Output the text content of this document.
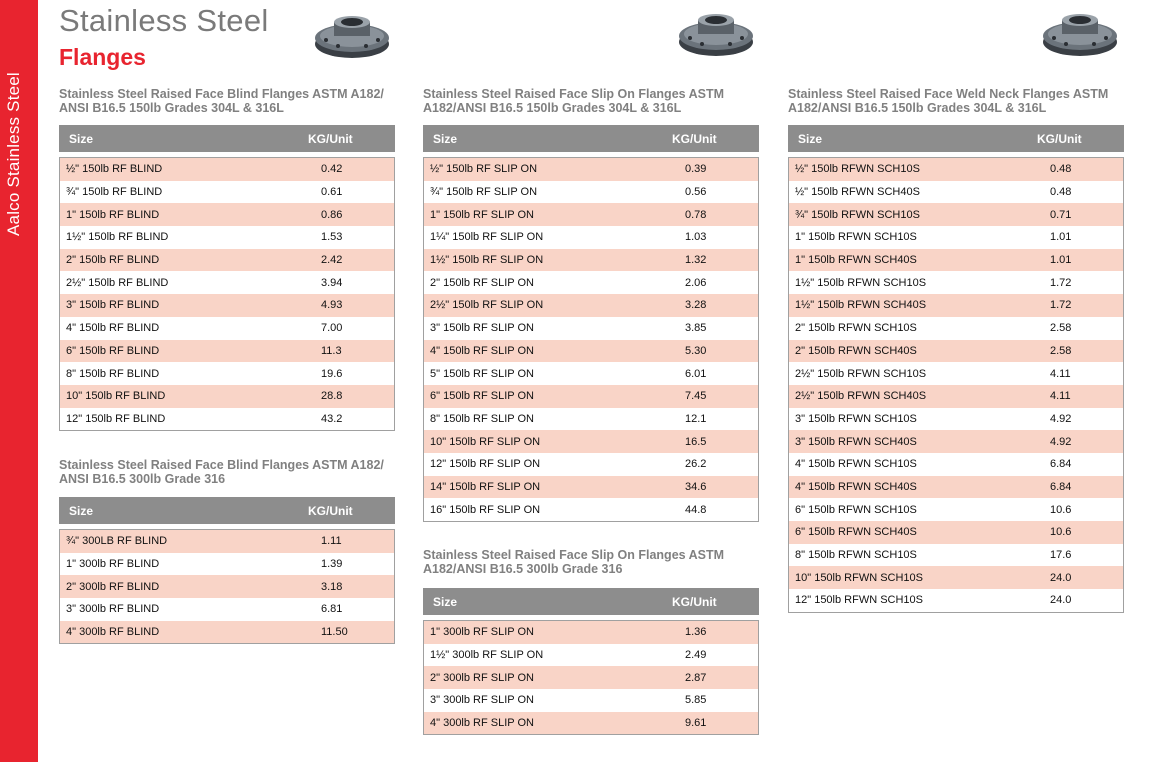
Aalco Stainless Steel
Stainless Steel
Flanges
Stainless Steel Raised Face Blind Flanges ASTM A182/ ANSI B16.5 150lb Grades 304L & 316L
Size	KG/Unit
½" 150lb RF BLIND	0.42
¾" 150lb RF BLIND	0.61
1" 150lb RF BLIND	0.86
1½" 150lb RF BLIND	1.53
2" 150lb RF BLIND	2.42
2½" 150lb RF BLIND	3.94
3" 150lb RF BLIND	4.93
4" 150lb RF BLIND	7.00
6" 150lb RF BLIND	11.3
8" 150lb RF BLIND	19.6
10" 150lb RF BLIND	28.8
12" 150lb RF BLIND	43.2
Stainless Steel Raised Face Blind Flanges ASTM A182/ ANSI B16.5 300lb Grade 316
Size	KG/Unit
¾" 300LB RF BLIND	1.11
1" 300lb RF BLIND	1.39
2" 300lb RF BLIND	3.18
3" 300lb RF BLIND	6.81
4" 300lb RF BLIND	11.50
Stainless Steel Raised Face Slip On Flanges ASTM A182/ANSI B16.5 150lb Grades 304L & 316L
Size	KG/Unit
½" 150lb RF SLIP ON	0.39
¾" 150lb RF SLIP ON	0.56
1" 150lb RF SLIP ON	0.78
1¼" 150lb RF SLIP ON	1.03
1½" 150lb RF SLIP ON	1.32
2" 150lb RF SLIP ON	2.06
2½" 150lb RF SLIP ON	3.28
3" 150lb RF SLIP ON	3.85
4" 150lb RF SLIP ON	5.30
5" 150lb RF SLIP ON	6.01
6" 150lb RF SLIP ON	7.45
8" 150lb RF SLIP ON	12.1
10" 150lb RF SLIP ON	16.5
12" 150lb RF SLIP ON	26.2
14" 150lb RF SLIP ON	34.6
16" 150lb RF SLIP ON	44.8
Stainless Steel Raised Face Slip On Flanges ASTM A182/ANSI B16.5 300lb Grade 316
Size	KG/Unit
1" 300lb RF SLIP ON	1.36
1½" 300lb RF SLIP ON	2.49
2" 300lb RF SLIP ON	2.87
3" 300lb RF SLIP ON	5.85
4" 300lb RF SLIP ON	9.61
Stainless Steel Raised Face Weld Neck Flanges ASTM A182/ANSI B16.5 150lb Grades 304L & 316L
Size	KG/Unit
½" 150lb RFWN SCH10S	0.48
½" 150lb RFWN SCH40S	0.48
¾" 150lb RFWN SCH10S	0.71
1" 150lb RFWN SCH10S	1.01
1" 150lb RFWN SCH40S	1.01
1½" 150lb RFWN SCH10S	1.72
1½" 150lb RFWN SCH40S	1.72
2" 150lb RFWN SCH10S	2.58
2" 150lb RFWN SCH40S	2.58
2½" 150lb RFWN SCH10S	4.11
2½" 150lb RFWN SCH40S	4.11
3" 150lb RFWN SCH10S	4.92
3" 150lb RFWN SCH40S	4.92
4" 150lb RFWN SCH10S	6.84
4" 150lb RFWN SCH40S	6.84
6" 150lb RFWN SCH10S	10.6
6" 150lb RFWN SCH40S	10.6
8" 150lb RFWN SCH10S	17.6
10" 150lb RFWN SCH10S	24.0
12" 150lb RFWN SCH10S	24.0
